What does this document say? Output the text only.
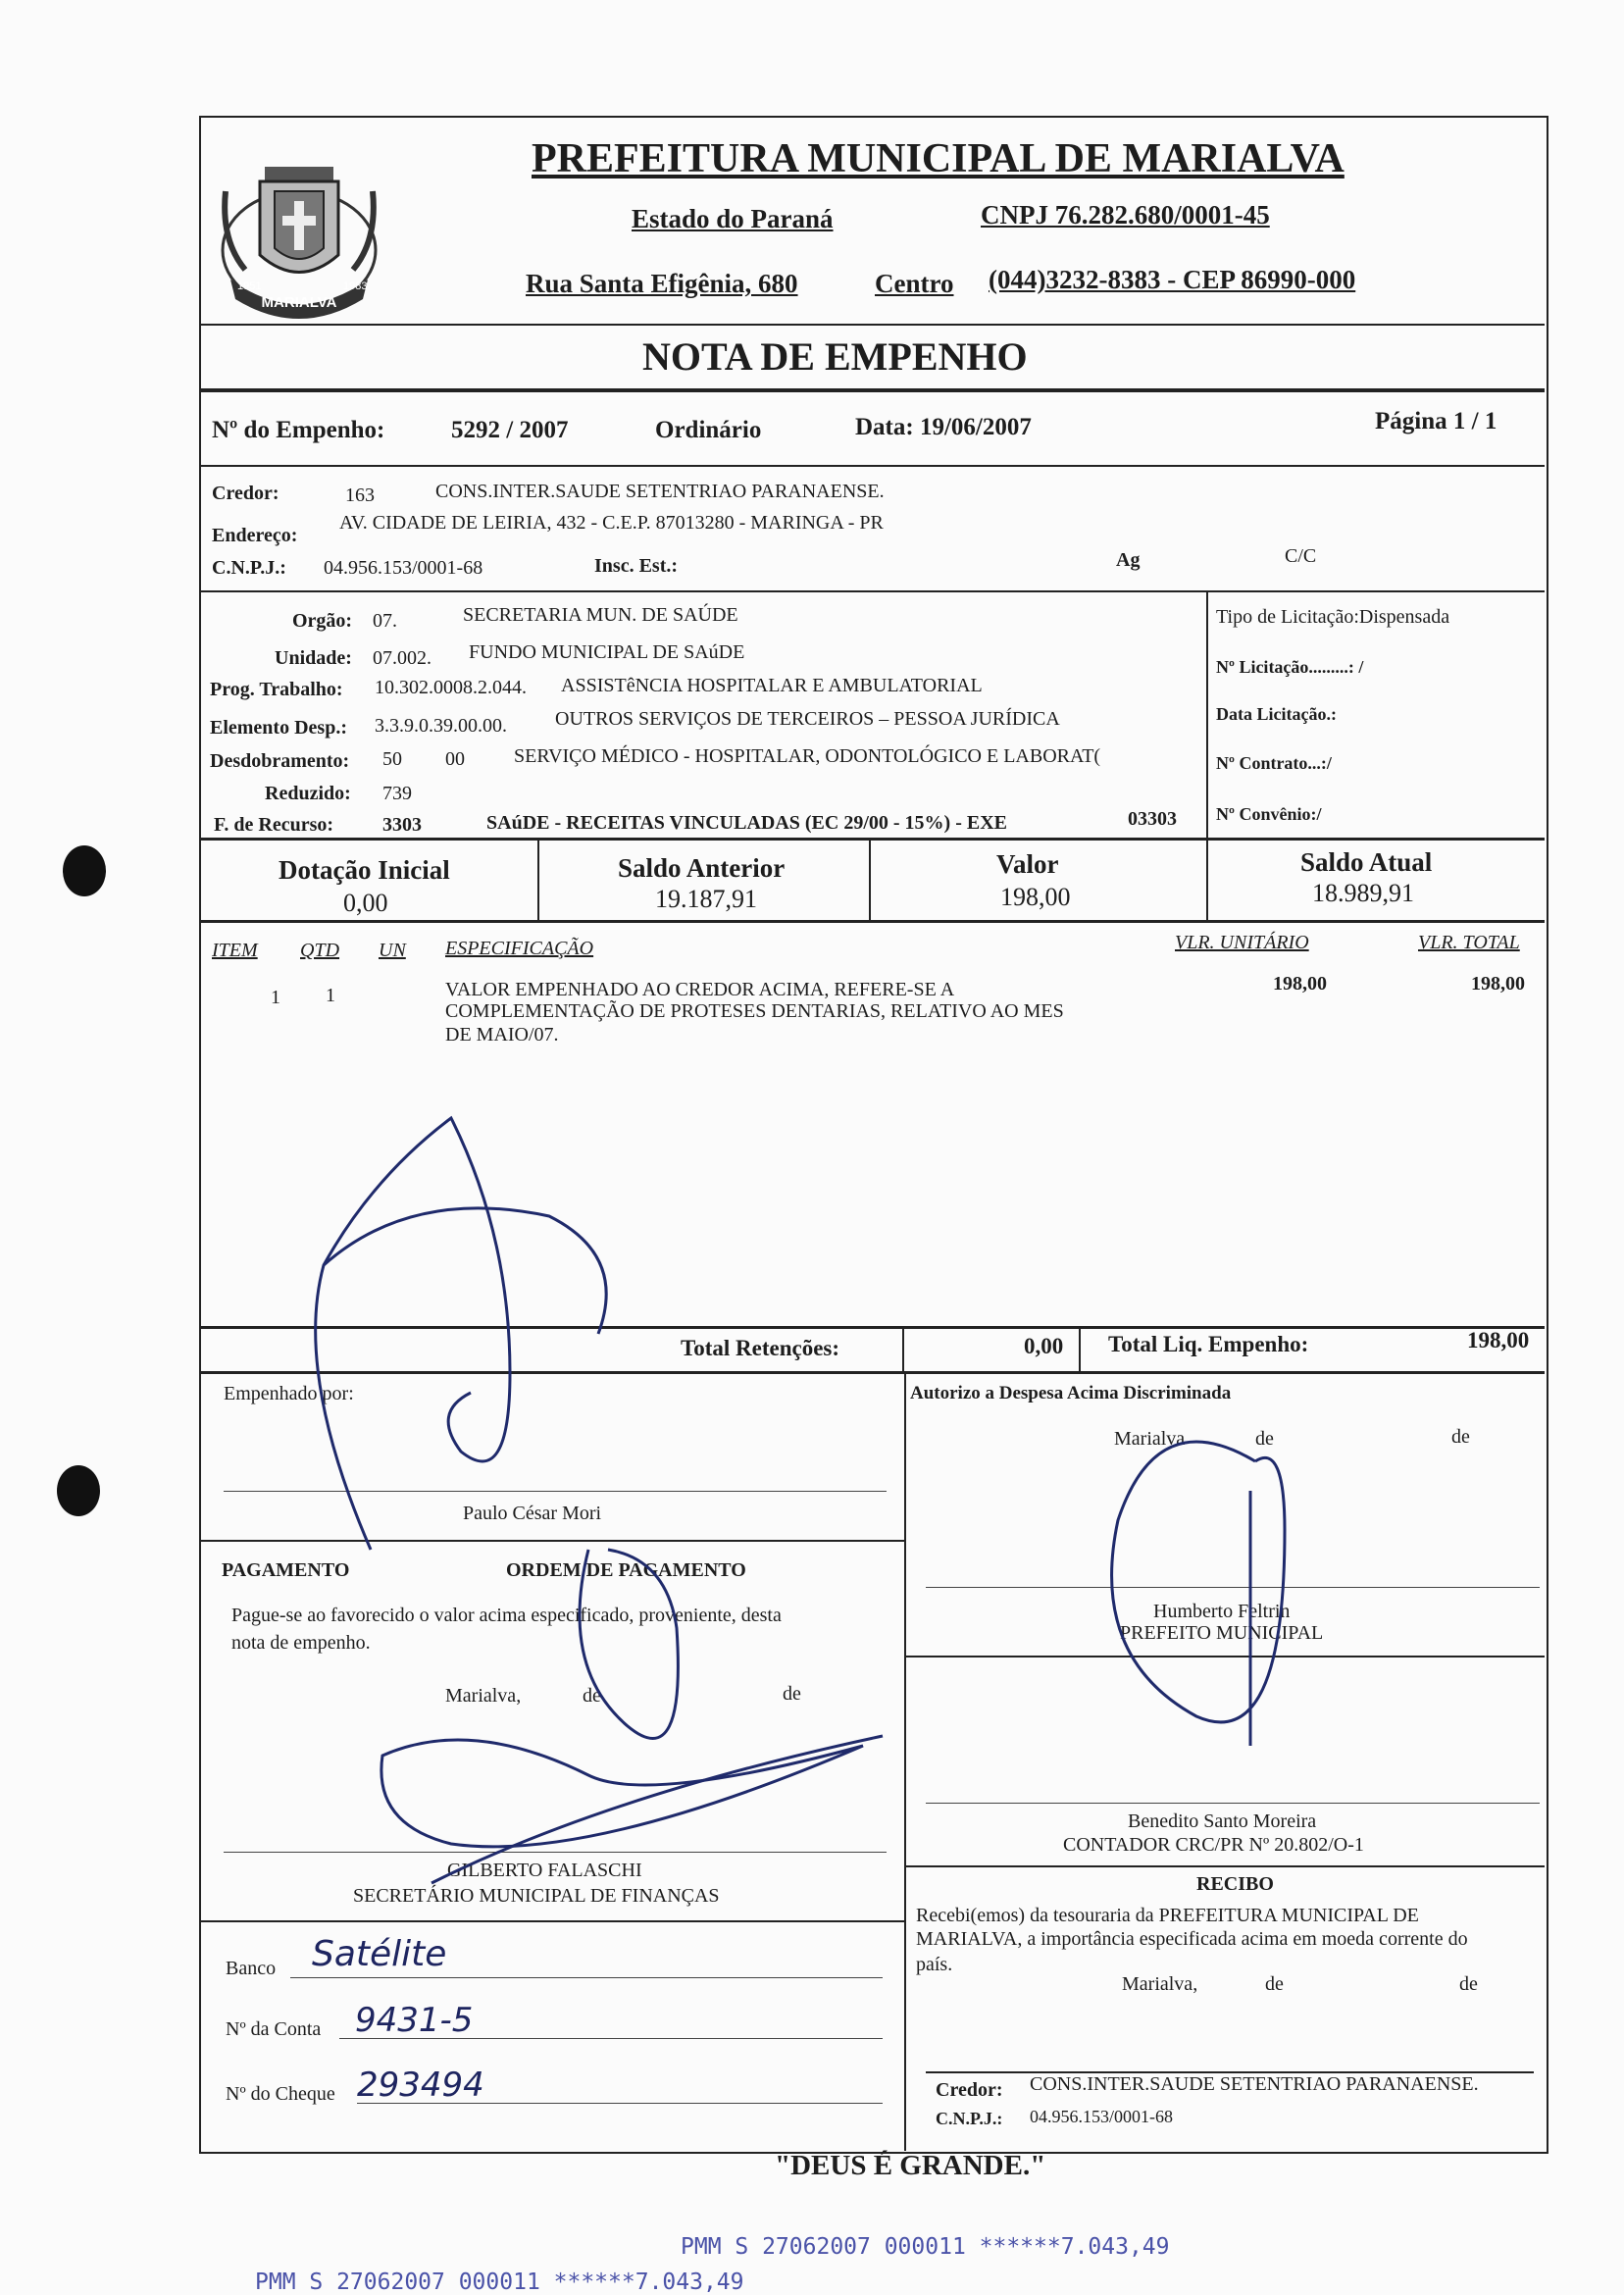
MARIALVA
1951	1983
PREFEITURA MUNICIPAL DE MARIALVA
Estado do Paraná	CNPJ 76.282.680/0001-45
Rua Santa Efigênia, 680	Centro (044)3232-8383 - CEP 86990-000
NOTA DE EMPENHO
Nº do Empenho:	5292 / 2007	Ordinário	Data: 19/06/2007	Página 1 / 1
Credor:	163	CONS.INTER.SAUDE SETENTRIAO PARANAENSE.
Endereço:
AV. CIDADE DE LEIRIA, 432 - C.E.P. 87013280 - MARINGA - PR
C.N.P.J.: 04.956.153/0001-68	Insc. Est.:	Ag	C/C
Orgão: 07.	SECRETARIA MUN. DE SAÚDE
Unidade: 07.002. FUNDO MUNICIPAL DE SAúDE
Prog. Trabalho: 10.302.0008.2.044. ASSISTêNCIA HOSPITALAR E AMBULATORIAL
Elemento Desp.: 3.3.9.0.39.00.00. OUTROS SERVIÇOS DE TERCEIROS – PESSOA JURÍDICA
Desdobramento: 50 00	SERVIÇO MÉDICO - HOSPITALAR, ODONTOLÓGICO E LABORAT(
Reduzido: 739
F. de Recurso: 3303	SAúDE - RECEITAS VINCULADAS (EC 29/00 - 15%) - EXE	03303
Tipo de Licitação:Dispensada
Nº Licitação.........: /
Data Licitação.:
Nº Contrato...:/
Nº Convênio:/
Dotação Inicial
0,00
Saldo Anterior
19.187,91
Valor
198,00
Saldo Atual
18.989,91
ITEM QTD UN ESPECIFICAÇÃO	VLR. UNITÁRIO	VLR. TOTAL
1 1	VALOR EMPENHADO AO CREDOR ACIMA, REFERE-SE A
COMPLEMENTAÇÃO DE PROTESES DENTARIAS, RELATIVO AO MES
DE MAIO/07.
198,00	198,00
Total Retenções:	0,00 Total Liq. Empenho:	198,00
Empenhado por:
Paulo César Mori
PAGAMENTO	ORDEM DE PAGAMENTO
Pague-se ao favorecido o valor acima especificado, proveniente, desta
nota de empenho.
Marialva,	de	de
GILBERTO FALASCHI
SECRETÁRIO MUNICIPAL DE FINANÇAS
Banco Satélite
Nº da Conta 9431-5
Nº do Cheque 293494
Autorizo a Despesa Acima Discriminada
Marialva	de	de
Humberto Feltrin
PREFEITO MUNICIPAL
Benedito Santo Moreira
CONTADOR CRC/PR Nº 20.802/O-1
RECIBO
Recebi(emos) da tesouraria da PREFEITURA MUNICIPAL DE
MARIALVA, a importância especificada acima em moeda corrente do
país.
Marialva,	de	de
Credor: CONS.INTER.SAUDE SETENTRIAO PARANAENSE.
C.N.P.J.: 04.956.153/0001-68
"DEUS É GRANDE."
PMM S 27062007 000011 ******7.043,49
PMM S 27062007 000011 ******7.043,49
